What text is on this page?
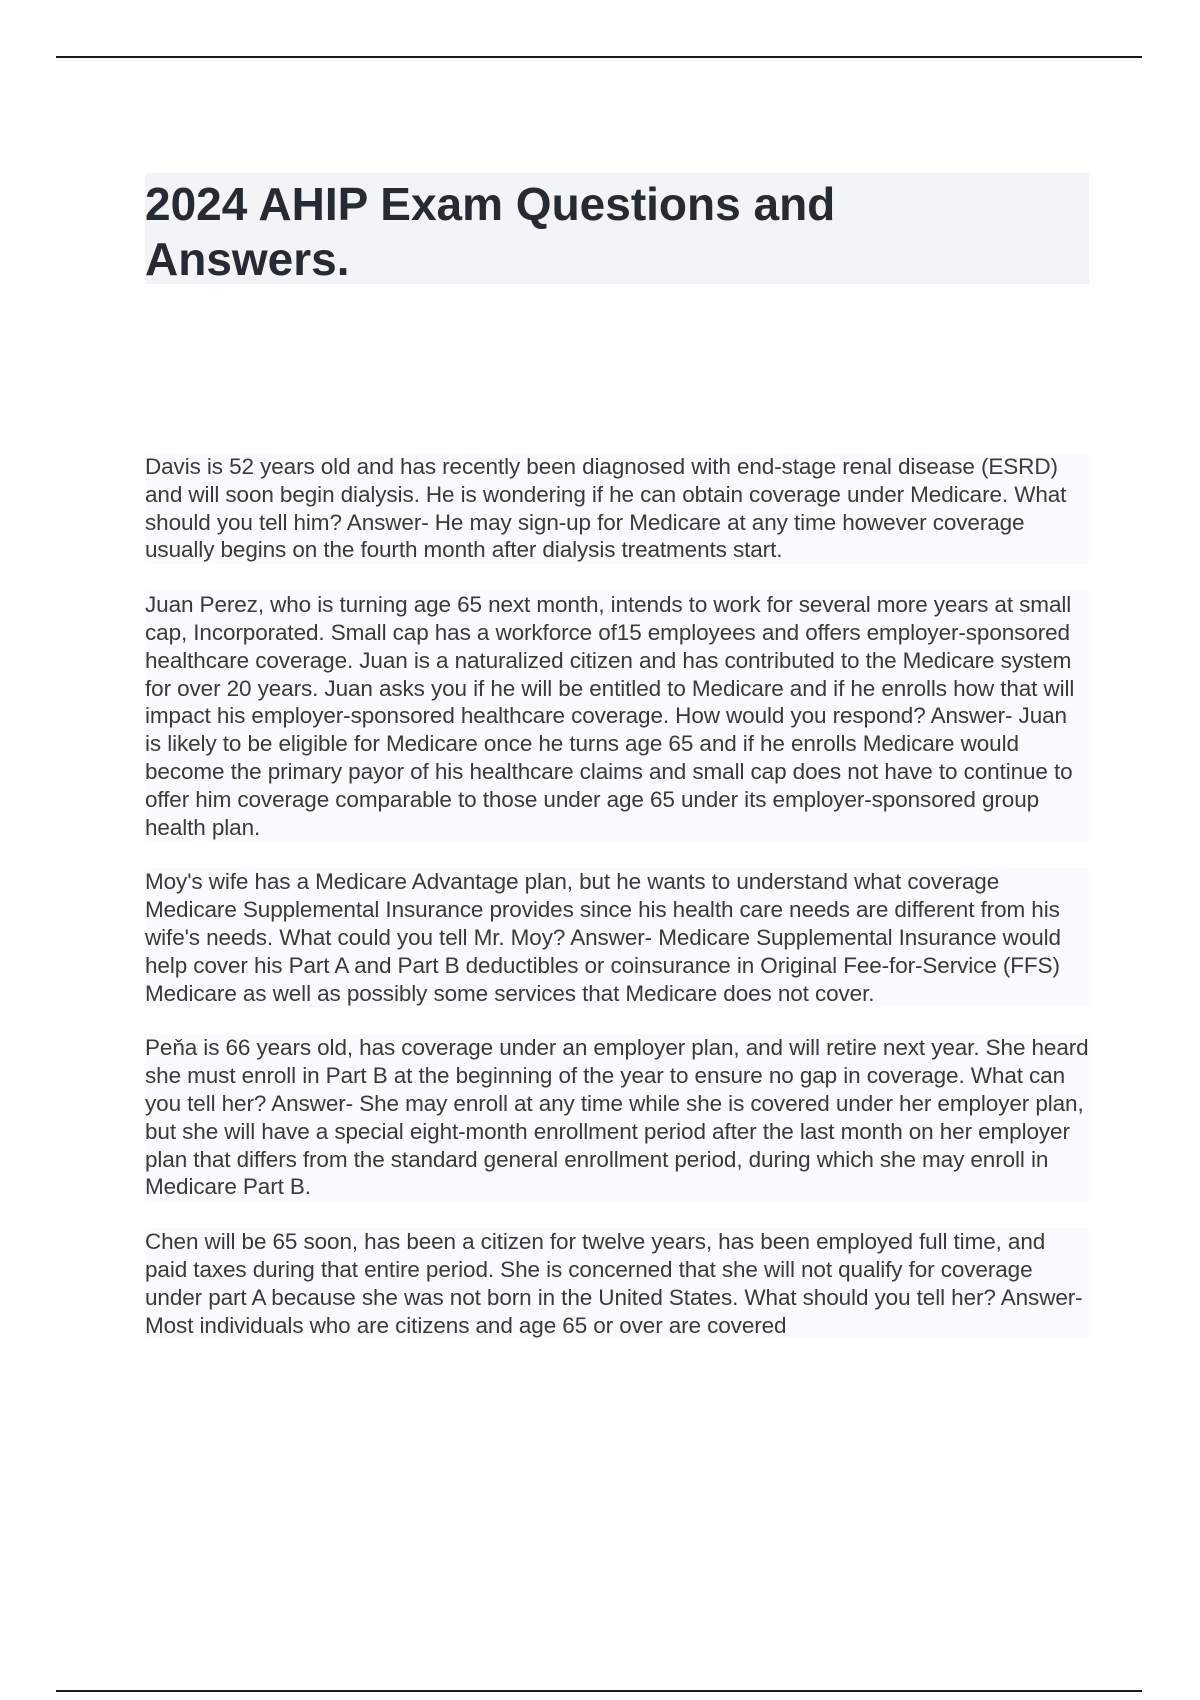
2024 AHIP Exam Questions and Answers.

Davis is 52 years old and has recently been diagnosed with end-stage renal disease (ESRD) and will soon begin dialysis. He is wondering if he can obtain coverage under Medicare. What should you tell him? Answer- He may sign-up for Medicare at any time however coverage usually begins on the fourth month after dialysis treatments start.

Juan Perez, who is turning age 65 next month, intends to work for several more years at small cap, Incorporated. Small cap has a workforce of15 employees and offers employer-sponsored healthcare coverage. Juan is a naturalized citizen and has contributed to the Medicare system for over 20 years. Juan asks you if he will be entitled to Medicare and if he enrolls how that will impact his employer-sponsored healthcare coverage. How would you respond? Answer- Juan is likely to be eligible for Medicare once he turns age 65 and if he enrolls Medicare would become the primary payor of his healthcare claims and small cap does not have to continue to offer him coverage comparable to those under age 65 under its employer-sponsored group health plan.

Moy's wife has a Medicare Advantage plan, but he wants to understand what coverage Medicare Supplemental Insurance provides since his health care needs are different from his wife's needs. What could you tell Mr. Moy? Answer- Medicare Supplemental Insurance would help cover his Part A and Part B deductibles or coinsurance in Original Fee-for-Service (FFS) Medicare as well as possibly some services that Medicare does not cover.

Peňa is 66 years old, has coverage under an employer plan, and will retire next year. She heard she must enroll in Part B at the beginning of the year to ensure no gap in coverage. What can you tell her? Answer- She may enroll at any time while she is covered under her employer plan, but she will have a special eight-month enrollment period after the last month on her employer plan that differs from the standard general enrollment period, during which she may enroll in Medicare Part B.

Chen will be 65 soon, has been a citizen for twelve years, has been employed full time, and paid taxes during that entire period. She is concerned that she will not qualify for coverage under part A because she was not born in the United States. What should you tell her? Answer- Most individuals who are citizens and age 65 or over are covered
